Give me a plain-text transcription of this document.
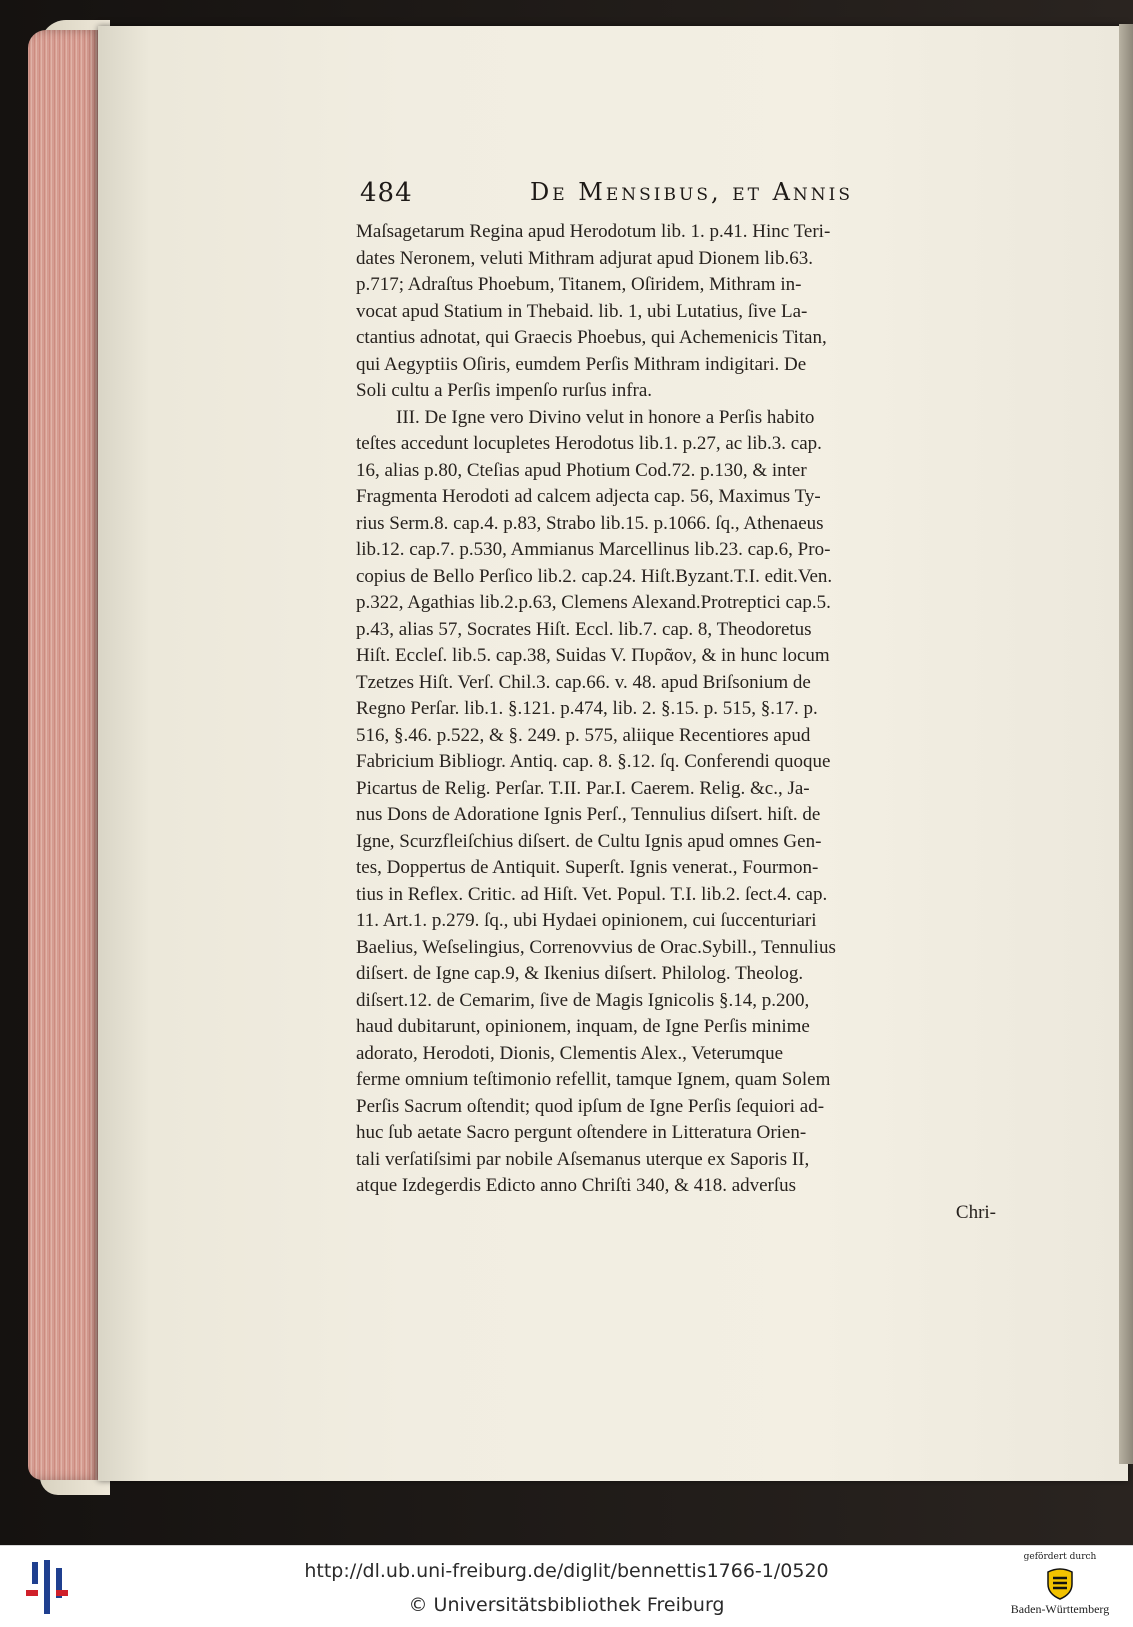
484	De Mensibus, et Annis
Maſsagetarum Regina apud Herodotum lib. 1. p.41. Hinc Teri-
dates Neronem, veluti Mithram adjurat apud Dionem lib.63.
p.717; Adraſtus Phoebum, Titanem, Oſiridem, Mithram in-
vocat apud Statium in Thebaid. lib. 1, ubi Lutatius, ſive La-
ctantius adnotat, qui Graecis Phoebus, qui Achemenicis Titan,
qui Aegyptiis Oſiris, eumdem Perſis Mithram indigitari. De
Soli cultu a Perſis impenſo rurſus infra.
III. De Igne vero Divino velut in honore a Perſis habito
teſtes accedunt locupletes Herodotus lib.1. p.27, ac lib.3. cap.
16, alias p.80, Cteſias apud Photium Cod.72. p.130, & inter
Fragmenta Herodoti ad calcem adjecta cap. 56, Maximus Ty-
rius Serm.8. cap.4. p.83, Strabo lib.15. p.1066. ſq., Athenaeus
lib.12. cap.7. p.530, Ammianus Marcellinus lib.23. cap.6, Pro-
copius de Bello Perſico lib.2. cap.24. Hiſt.Byzant.T.I. edit.Ven.
p.322, Agathias lib.2.p.63, Clemens Alexand.Protreptici cap.5.
p.43, alias 57, Socrates Hiſt. Eccl. lib.7. cap. 8, Theodoretus
Hiſt. Eccleſ. lib.5. cap.38, Suidas V. Πυρᾶον, & in hunc locum
Tzetzes Hiſt. Verſ. Chil.3. cap.66. v. 48. apud Briſsonium de
Regno Perſar. lib.1. §.121. p.474, lib. 2. §.15. p. 515, §.17. p.
516, §.46. p.522, & §. 249. p. 575, aliique Recentiores apud
Fabricium Bibliogr. Antiq. cap. 8. §.12. ſq. Conferendi quoque
Picartus de Relig. Perſar. T.II. Par.I. Caerem. Relig. &c., Ja-
nus Dons de Adoratione Ignis Perſ., Tennulius diſsert. hiſt. de
Igne, Scurzfleiſchius diſsert. de Cultu Ignis apud omnes Gen-
tes, Doppertus de Antiquit. Superſt. Ignis venerat., Fourmon-
tius in Reflex. Critic. ad Hiſt. Vet. Popul. T.I. lib.2. ſect.4. cap.
11. Art.1. p.279. ſq., ubi Hydaei opinionem, cui ſuccenturiari
Baelius, Weſselingius, Correnovvius de Orac.Sybill., Tennulius
diſsert. de Igne cap.9, & Ikenius diſsert. Philolog. Theolog.
diſsert.12. de Cemarim, ſive de Magis Ignicolis §.14, p.200,
haud dubitarunt, opinionem, inquam, de Igne Perſis minime
adorato, Herodoti, Dionis, Clementis Alex., Veterumque
ferme omnium teſtimonio refellit, tamque Ignem, quam Solem
Perſis Sacrum oſtendit; quod ipſum de Igne Perſis ſequiori ad-
huc ſub aetate Sacro pergunt oſtendere in Litteratura Orien-
tali verſatiſsimi par nobile Aſsemanus uterque ex Saporis II,
atque Izdegerdis Edicto anno Chriſti 340, & 418. adverſus
Chri-
http://dl.ub.uni-freiburg.de/diglit/bennettis1766-1/0520
© Universitätsbibliothek Freiburg
gefördert durch
Baden-Württemberg
